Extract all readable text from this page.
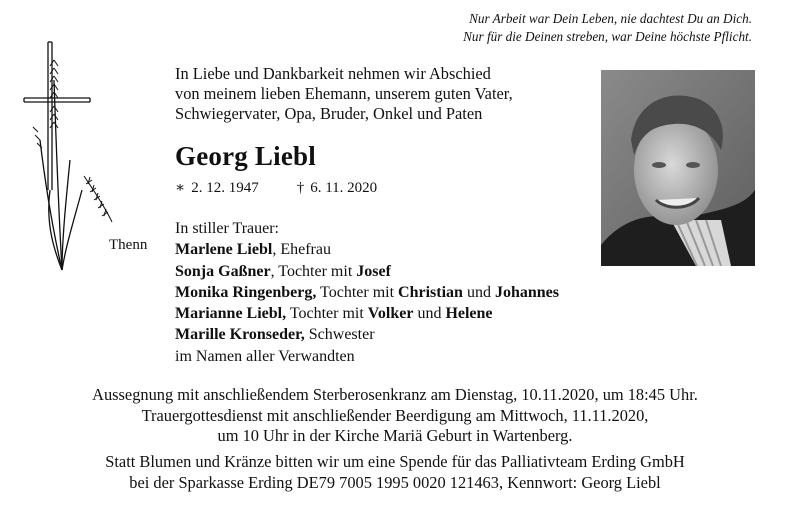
Nur Arbeit war Dein Leben, nie dachtest Du an Dich.
Nur für die Deinen streben, war Deine höchste Pflicht.
In Liebe und Dankbarkeit nehmen wir Abschied
von meinem lieben Ehemann, unserem guten Vater,
Schwiegervater, Opa, Bruder, Onkel und Paten
Georg Liebl
∗ 2. 12. 1947	† 6. 11. 2020
Thenn
In stiller Trauer:
Marlene Liebl, Ehefrau
Sonja Gaßner, Tochter mit Josef
Monika Ringenberg, Tochter mit Christian und Johannes
Marianne Liebl, Tochter mit Volker und Helene
Marille Kronseder, Schwester
im Namen aller Verwandten
Aussegnung mit anschließendem Sterberosenkranz am Dienstag, 10.11.2020, um 18:45 Uhr.
Trauergottesdienst mit anschließender Beerdigung am Mittwoch, 11.11.2020,
um 10 Uhr in der Kirche Mariä Geburt in Wartenberg.
Statt Blumen und Kränze bitten wir um eine Spende für das Palliativteam Erding GmbH
bei der Sparkasse Erding DE79 7005 1995 0020 121463, Kennwort: Georg Liebl
